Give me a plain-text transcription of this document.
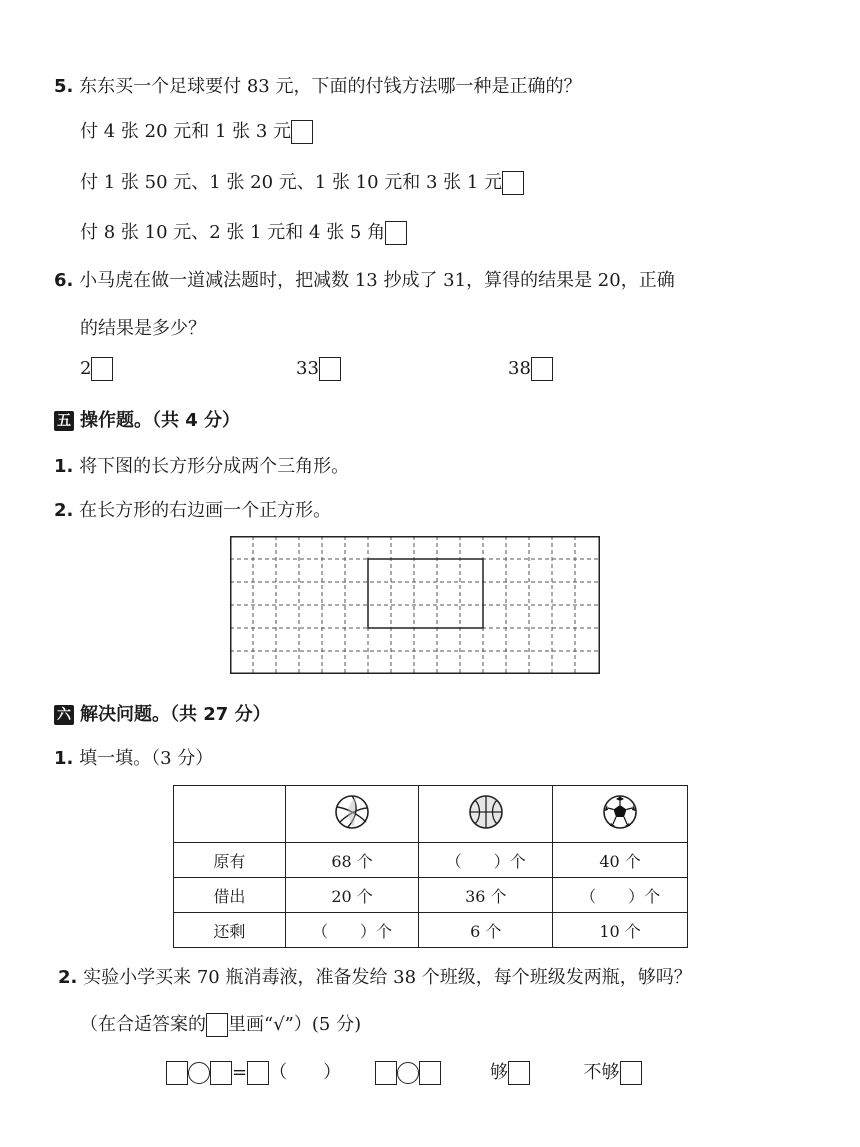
5. 东东买一个足球要付 83 元，下面的付钱方法哪一种是正确的？
付 4 张 20 元和 1 张 3 元
付 1 张 50 元、1 张 20 元、1 张 10 元和 3 张 1 元
付 8 张 10 元、2 张 1 元和 4 张 5 角
6. 小马虎在做一道减法题时，把减数 13 抄成了 31，算得的结果是 20，正确
的结果是多少？
2	33	38
五 操作题。（共 4 分）
1. 将下图的长方形分成两个三角形。
2. 在长方形的右边画一个正方形。
六 解决问题。（共 27 分）
1. 填一填。（3 分）

原有	68 个	（　　）个	40 个
借出	20 个	36 个	（　　）个
还剩	（　　）个	6 个	10 个
2. 实验小学买来 70 瓶消毒液，准备发给 38 个班级，每个班级发两瓶，够吗？
（在合适答案的 里画“√”）(5 分)
= （　　）	够	不够
